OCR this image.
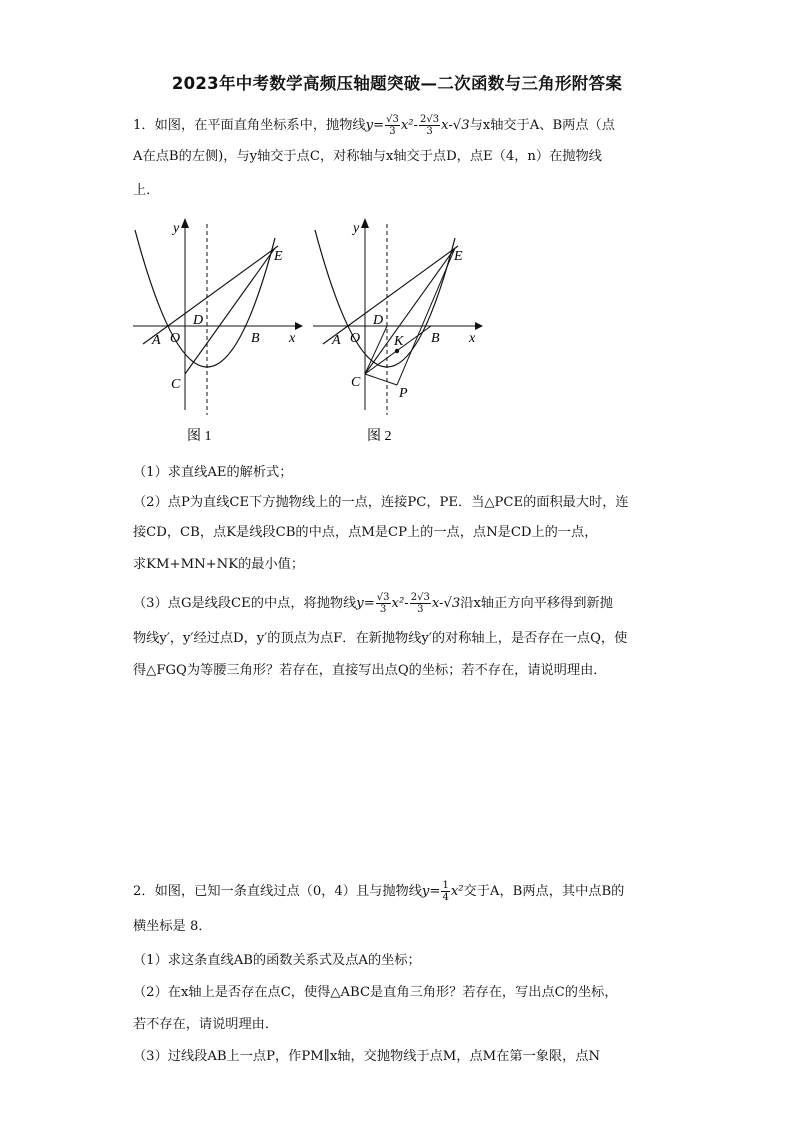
2023年中考数学高频压轴题突破—二次函数与三角形附答案
1．如图，在平面直角坐标系中，抛物线$y= \frac{√3}{3} x^2- \frac{2√3}{3} x-√3$与x轴交于A、B两点（点
A在点B的左侧)，与y轴交于点C，对称轴与x轴交于点D，点E（4，n）在抛物线
上．
y
x
O
A	B
C
D
E
图 1
y
x
O
A	B
C
D
E
K
P
图 2
（1）求直线AE的解析式；
（2）点P为直线CE下方抛物线上的一点，连接PC，PE．当△PCE的面积最大时，连
接CD，CB，点K是线段CB的中点，点M是CP上的一点，点N是CD上的一点，
求KM+MN+NK的最小值；
（3）点G是线段CE的中点，将抛物线$y= \frac{√3}{3} x^2- \frac{2√3}{3} x-√3$沿x轴正方向平移得到新抛
物线y′，y′经过点D，y′的顶点为点F．在新抛物线y′的对称轴上，是否存在一点Q，使
得△FGQ为等腰三角形？若存在，直接写出点Q的坐标；若不存在，请说明理由．
2．如图，已知一条直线过点（0，4）且与抛物线$y= \frac{1}{4} x^2$交于A，B两点，其中点B的
横坐标是 8．
（1）求这条直线AB的函数关系式及点A的坐标；
（2）在x轴上是否存在点C，使得△ABC是直角三角形？若存在，写出点C的坐标，
若不存在，请说明理由．
（3）过线段AB上一点P，作PM∥x轴，交抛物线于点M，点M在第一象限，点N
